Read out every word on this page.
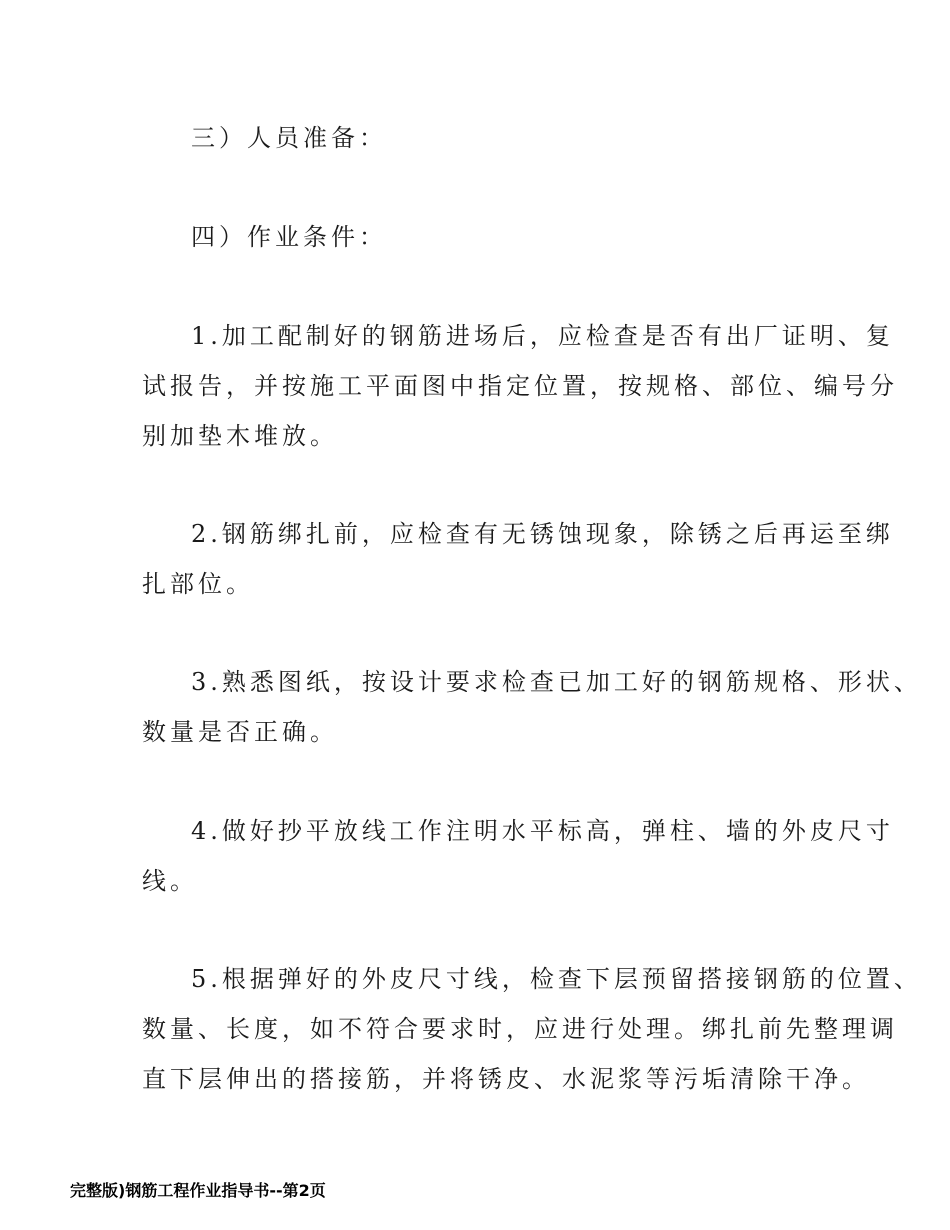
三）人员准备：
四）作业条件：
1.加工配制好的钢筋进场后，应检查是否有出厂证明、复
试报告，并按施工平面图中指定位置，按规格、部位、编号分
别加垫木堆放。
2.钢筋绑扎前，应检查有无锈蚀现象，除锈之后再运至绑
扎部位。
3.熟悉图纸，按设计要求检查已加工好的钢筋规格、形状、
数量是否正确。
4.做好抄平放线工作注明水平标高，弹柱、墙的外皮尺寸
线。
5.根据弹好的外皮尺寸线，检查下层预留搭接钢筋的位置、
数量、长度，如不符合要求时，应进行处理。绑扎前先整理调
直下层伸出的搭接筋，并将锈皮、水泥浆等污垢清除干净。
完整版)钢筋工程作业指导书--第2页
